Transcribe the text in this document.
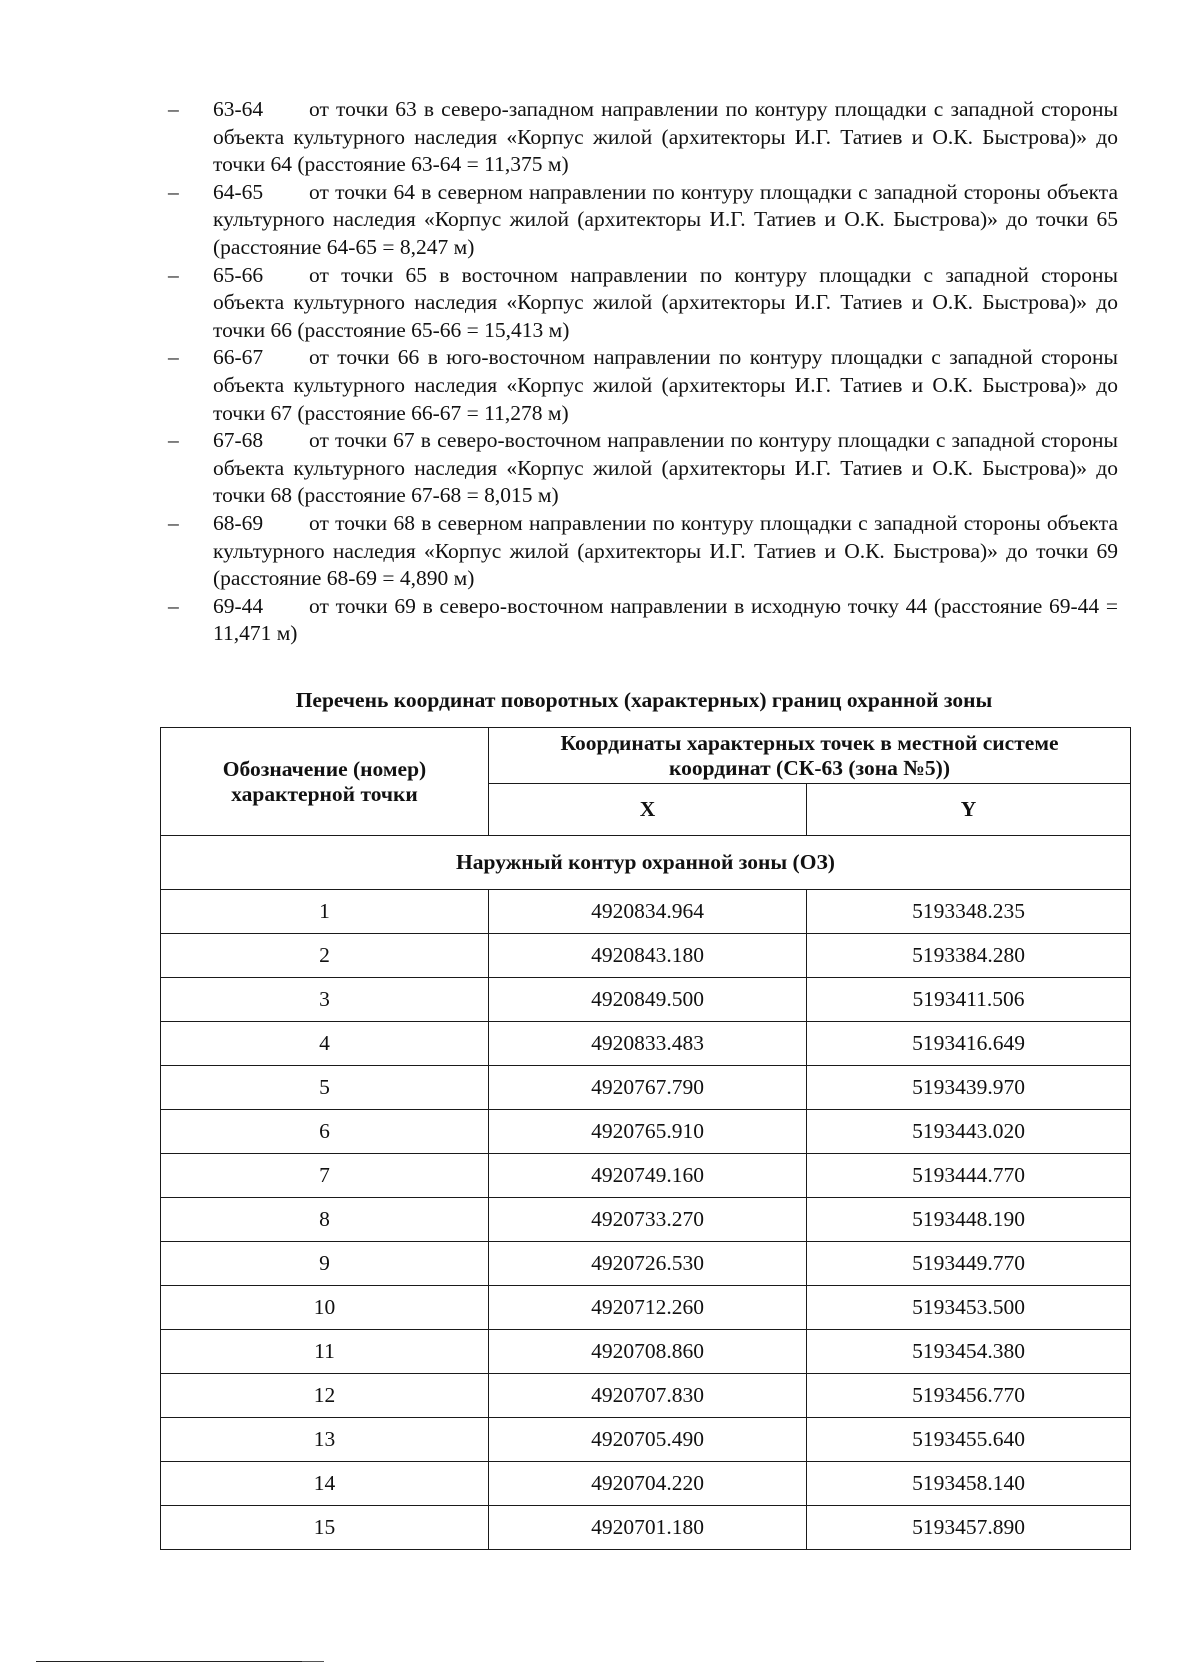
– 63-64 от точки 63 в северо-западном направлении по контуру площадки с западной стороны объекта культурного наследия «Корпус жилой (архитекторы И.Г. Татиев и О.К. Быстрова)» до точки 64 (расстояние 63-64 = 11,375 м)
– 64-65 от точки 64 в северном направлении по контуру площадки с западной стороны объекта культурного наследия «Корпус жилой (архитекторы И.Г. Татиев и О.К. Быстрова)» до точки 65 (расстояние 64-65 = 8,247 м)
– 65-66 от точки 65 в восточном направлении по контуру площадки с западной стороны объекта культурного наследия «Корпус жилой (архитекторы И.Г. Татиев и О.К. Быстрова)» до точки 66 (расстояние 65-66 = 15,413 м)
– 66-67 от точки 66 в юго-восточном направлении по контуру площадки с западной стороны объекта культурного наследия «Корпус жилой (архитекторы И.Г. Татиев и О.К. Быстрова)» до точки 67 (расстояние 66-67 = 11,278 м)
– 67-68 от точки 67 в северо-восточном направлении по контуру площадки с западной стороны объекта культурного наследия «Корпус жилой (архитекторы И.Г. Татиев и О.К. Быстрова)» до точки 68 (расстояние 67-68 = 8,015 м)
– 68-69 от точки 68 в северном направлении по контуру площадки с западной стороны объекта культурного наследия «Корпус жилой (архитекторы И.Г. Татиев и О.К. Быстрова)» до точки 69 (расстояние 68-69 = 4,890 м)
– 69-44 от точки 69 в северо-восточном направлении в исходную точку 44 (расстояние 69-44 = 11,471 м)
Перечень координат поворотных (характерных) границ охранной зоны
Обозначение (номер) характерной точки	Координаты характерных точек в местной системе координат (СК-63 (зона №5))	
	X	Y
Наружный контур охранной зоны (ОЗ)		
1	4920834.964	5193348.235
2	4920843.180	5193384.280
3	4920849.500	5193411.506
4	4920833.483	5193416.649
5	4920767.790	5193439.970
6	4920765.910	5193443.020
7	4920749.160	5193444.770
8	4920733.270	5193448.190
9	4920726.530	5193449.770
10	4920712.260	5193453.500
11	4920708.860	5193454.380
12	4920707.830	5193456.770
13	4920705.490	5193455.640
14	4920704.220	5193458.140
15	4920701.180	5193457.890
